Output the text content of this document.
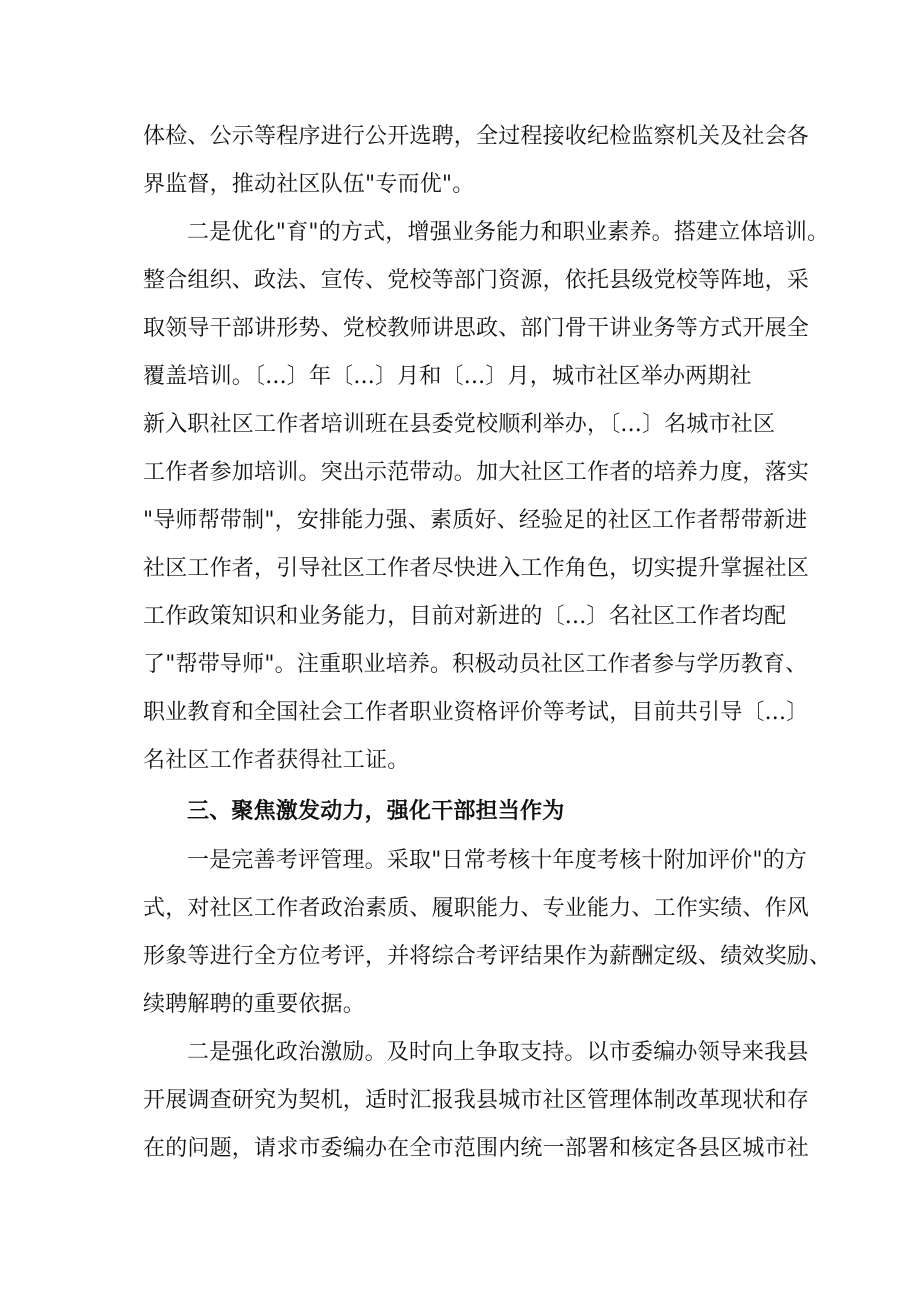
体检、公示等程序进行公开选聘，全过程接收纪检监察机关及社会各
界监督，推动社区队伍"专而优"。
二是优化"育"的方式，增强业务能力和职业素养。搭建立体培训。
整合组织、政法、宣传、党校等部门资源，依托县级党校等阵地，采
取领导干部讲形势、党校教师讲思政、部门骨干讲业务等方式开展全
覆盖培训。〔...〕年〔...〕月和〔...〕月，城市社区举办两期社
新入职社区工作者培训班在县委党校顺利举办，〔...〕名城市社区
工作者参加培训。突出示范带动。加大社区工作者的培养力度，落实
"导师帮带制"，安排能力强、素质好、经验足的社区工作者帮带新进
社区工作者，引导社区工作者尽快进入工作角色，切实提升掌握社区
工作政策知识和业务能力，目前对新进的〔...〕名社区工作者均配
了"帮带导师"。注重职业培养。积极动员社区工作者参与学历教育、
职业教育和全国社会工作者职业资格评价等考试，目前共引导〔...〕
名社区工作者获得社工证。
三、聚焦激发动力，强化干部担当作为
一是完善考评管理。采取"日常考核十年度考核十附加评价"的方
式，对社区工作者政治素质、履职能力、专业能力、工作实绩、作风
形象等进行全方位考评，并将综合考评结果作为薪酬定级、绩效奖励、
续聘解聘的重要依据。
二是强化政治激励。及时向上争取支持。以市委编办领导来我县
开展调查研究为契机，适时汇报我县城市社区管理体制改革现状和存
在的问题，请求市委编办在全市范围内统一部署和核定各县区城市社
